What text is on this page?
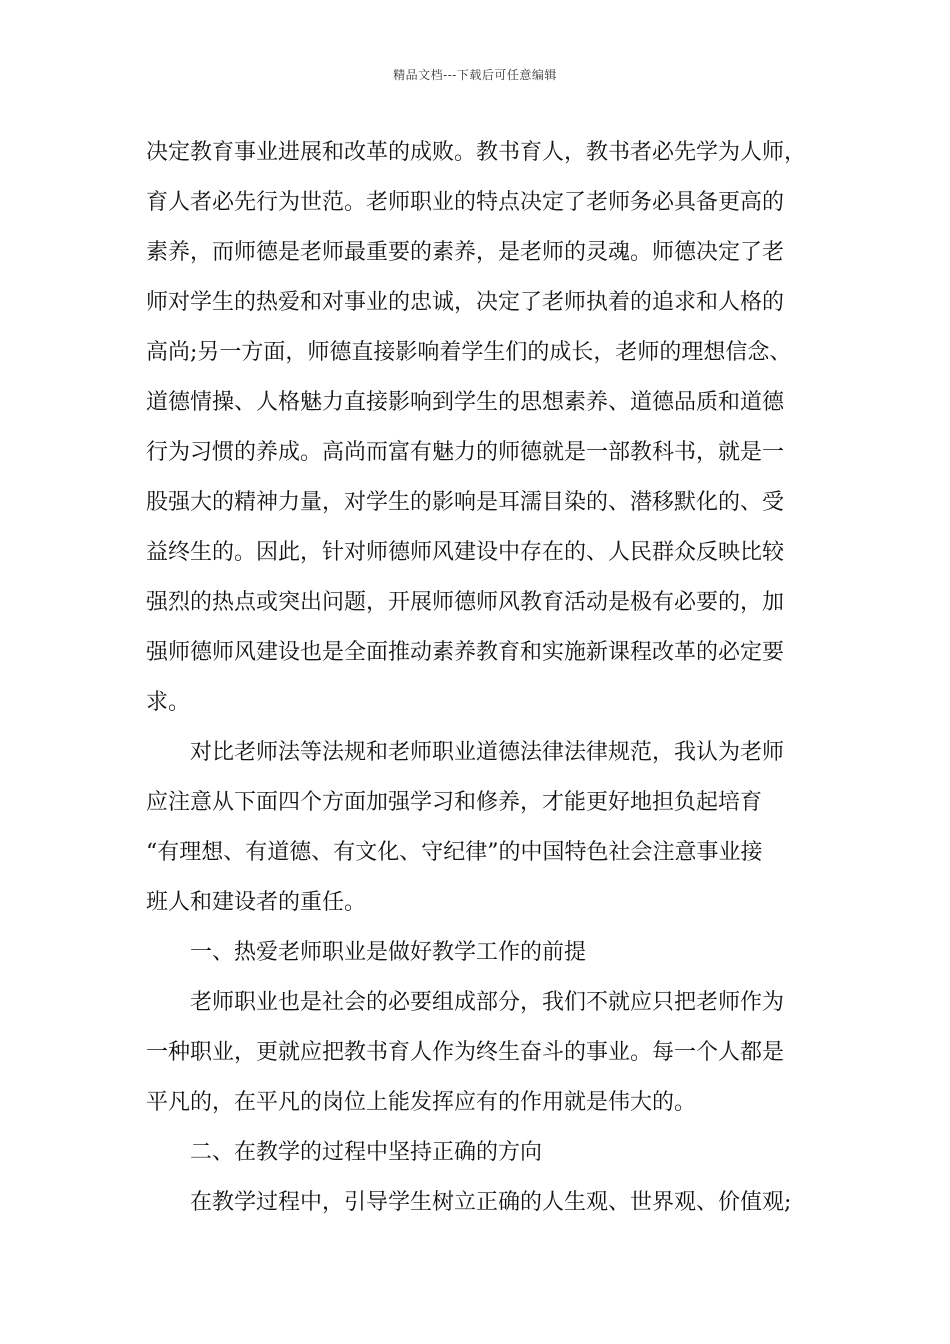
精品文档---下载后可任意编辑
决定教育事业进展和改革的成败。教书育人，教书者必先学为人师，
育人者必先行为世范。老师职业的特点决定了老师务必具备更高的
素养，而师德是老师最重要的素养，是老师的灵魂。师德决定了老
师对学生的热爱和对事业的忠诚，决定了老师执着的追求和人格的
高尚;另一方面，师德直接影响着学生们的成长，老师的理想信念、
道德情操、人格魅力直接影响到学生的思想素养、道德品质和道德
行为习惯的养成。高尚而富有魅力的师德就是一部教科书，就是一
股强大的精神力量，对学生的影响是耳濡目染的、潜移默化的、受
益终生的。因此，针对师德师风建设中存在的、人民群众反映比较
强烈的热点或突出问题，开展师德师风教育活动是极有必要的，加
强师德师风建设也是全面推动素养教育和实施新课程改革的必定要
求。
对比老师法等法规和老师职业道德法律法律规范，我认为老师
应注意从下面四个方面加强学习和修养，才能更好地担负起培育
“有理想、有道德、有文化、守纪律”的中国特色社会注意事业接
班人和建设者的重任。
一、热爱老师职业是做好教学工作的前提
老师职业也是社会的必要组成部分，我们不就应只把老师作为
一种职业，更就应把教书育人作为终生奋斗的事业。每一个人都是
平凡的，在平凡的岗位上能发挥应有的作用就是伟大的。
二、在教学的过程中坚持正确的方向
在教学过程中，引导学生树立正确的人生观、世界观、价值观;
